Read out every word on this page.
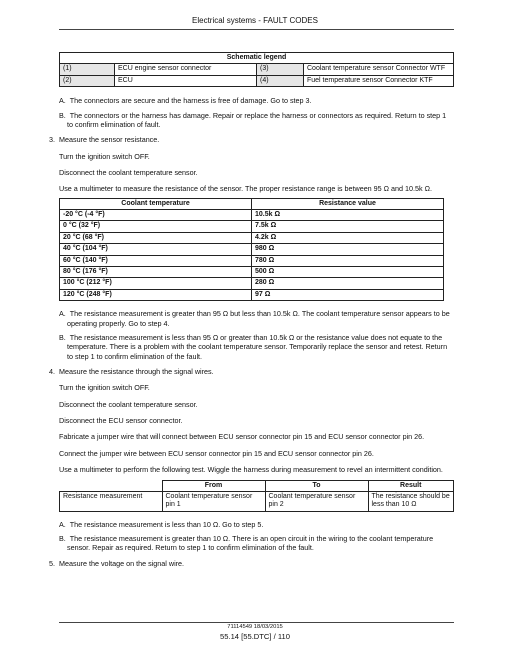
Electrical systems - FAULT CODES
Schematic legend			
(1)	ECU engine sensor connector	(3)	Coolant temperature sensor Connector WTF
(2)	ECU	(4)	Fuel temperature sensor Connector KTF
A. The connectors are secure and the harness is free of damage. Go to step 3.
B. The connectors or the harness has damage. Repair or replace the harness or connectors as required. Return to step 1 to confirm elimination of fault.
3. Measure the sensor resistance.
Turn the ignition switch OFF.
Disconnect the coolant temperature sensor.
Use a multimeter to measure the resistance of the sensor. The proper resistance range is between 95 Ω and 10.5k Ω.
Coolant temperature	Resistance value
-20 °C (-4 °F)	10.5k Ω
0 °C (32 °F)	7.5k Ω
20 °C (68 °F)	4.2k Ω
40 °C (104 °F)	980 Ω
60 °C (140 °F)	780 Ω
80 °C (176 °F)	500 Ω
100 °C (212 °F)	280 Ω
120 °C (248 °F)	97 Ω
A. The resistance measurement is greater than 95 Ω but less than 10.5k Ω. The coolant temperature sensor appears to be operating properly. Go to step 4.
B. The resistance measurement is less than 95 Ω or greater than 10.5k Ω or the resistance value does not equate to the temperature. There is a problem with the coolant temperature sensor. Temporarily replace the sensor and retest. Return to step 1 to confirm elimination of the fault.
4. Measure the resistance through the signal wires.
Turn the ignition switch OFF.
Disconnect the coolant temperature sensor.
Disconnect the ECU sensor connector.
Fabricate a jumper wire that will connect between ECU sensor connector pin 15 and ECU sensor connector pin 26.
Connect the jumper wire between ECU sensor connector pin 15 and ECU sensor connector pin 26.
Use a multimeter to perform the following test. Wiggle the harness during measurement to revel an intermittent condition.
	From	To	Result
Resistance measurement	Coolant temperature sensor pin 1	Coolant temperature sensor pin 2	The resistance should be less than 10 Ω
A. The resistance measurement is less than 10 Ω. Go to step 5.
B. The resistance measurement is greater than 10 Ω. There is an open circuit in the wiring to the coolant temperature sensor. Repair as required. Return to step 1 to confirm elimination of the fault.
5. Measure the voltage on the signal wire.
71114549 18/03/2015
55.14 [55.DTC] / 110
